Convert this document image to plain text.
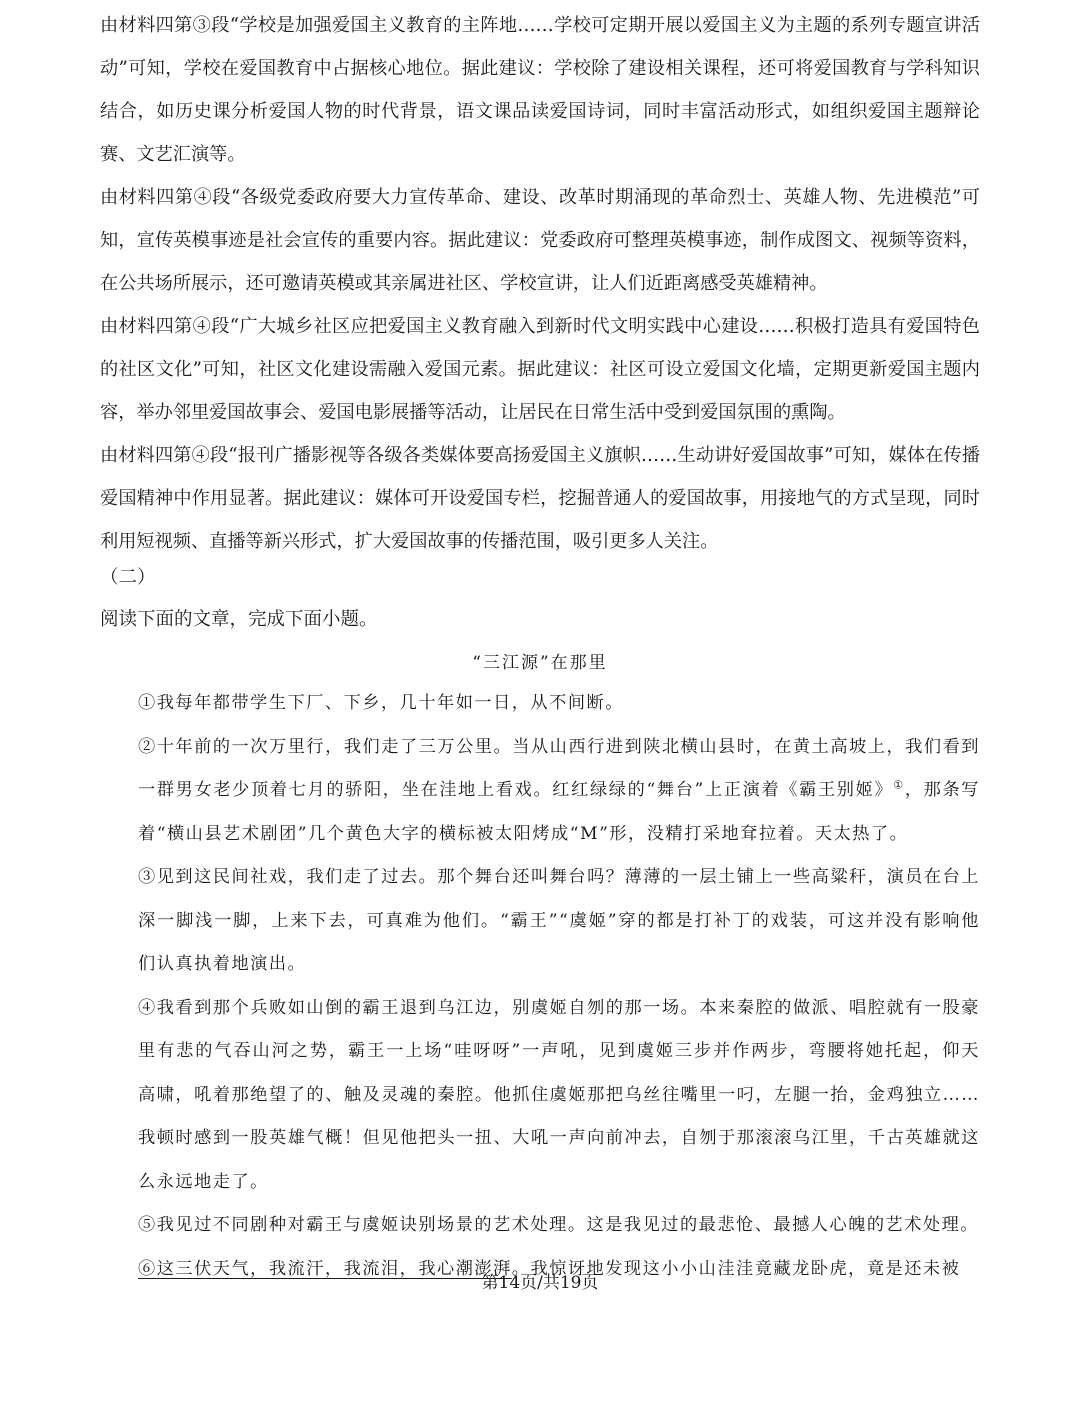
由材料四第③段“学校是加强爱国主义教育的主阵地……学校可定期开展以爱国主义为主题的系列专题宣讲活动”可知，学校在爱国教育中占据核心地位。据此建议：学校除了建设相关课程，还可将爱国教育与学科知识结合，如历史课分析爱国人物的时代背景，语文课品读爱国诗词，同时丰富活动形式，如组织爱国主题辩论赛、文艺汇演等。

由材料四第④段“各级党委政府要大力宣传革命、建设、改革时期涌现的革命烈士、英雄人物、先进模范”可知，宣传英模事迹是社会宣传的重要内容。据此建议：党委政府可整理英模事迹，制作成图文、视频等资料，在公共场所展示，还可邀请英模或其亲属进社区、学校宣讲，让人们近距离感受英雄精神。

由材料四第④段“广大城乡社区应把爱国主义教育融入到新时代文明实践中心建设……积极打造具有爱国特色的社区文化”可知，社区文化建设需融入爱国元素。据此建议：社区可设立爱国文化墙，定期更新爱国主题内容，举办邻里爱国故事会、爱国电影展播等活动，让居民在日常生活中受到爱国氛围的熏陶。

由材料四第④段“报刊广播影视等各级各类媒体要高扬爱国主义旗帜……生动讲好爱国故事”可知，媒体在传播爱国精神中作用显著。据此建议：媒体可开设爱国专栏，挖掘普通人的爱国故事，用接地气的方式呈现，同时利用短视频、直播等新兴形式，扩大爱国故事的传播范围，吸引更多人关注。

（二）

阅读下面的文章，完成下面小题。

“三江源”在那里

①我每年都带学生下厂、下乡，几十年如一日，从不间断。

②十年前的一次万里行，我们走了三万公里。当从山西行进到陕北横山县时，在黄土高坡上，我们看到一群男女老少顶着七月的骄阳，坐在洼地上看戏。红红绿绿的“舞台”上正演着《霸王别姬》①，那条写着“横山县艺术剧团”几个黄色大字的横标被太阳烤成“M”形，没精打采地耷拉着。天太热了。

③见到这民间社戏，我们走了过去。那个舞台还叫舞台吗？薄薄的一层土铺上一些高粱秆，演员在台上深一脚浅一脚，上来下去，可真难为他们。“霸王”“虞姬”穿的都是打补丁的戏装，可这并没有影响他们认真执着地演出。

④我看到那个兵败如山倒的霸王退到乌江边，别虞姬自刎的那一场。本来秦腔的做派、唱腔就有一股豪里有悲的气吞山河之势，霸王一上场“哇呀呀”一声吼，见到虞姬三步并作两步，弯腰将她托起，仰天高啸，吼着那绝望了的、触及灵魂的秦腔。他抓住虞姬那把乌丝往嘴里一叼，左腿一抬，金鸡独立……我顿时感到一股英雄气概！但见他把头一扭、大吼一声向前冲去，自刎于那滚滚乌江里，千古英雄就这么永远地走了。

⑤我见过不同剧种对霸王与虞姬诀别场景的艺术处理。这是我见过的最悲怆、最撼人心魄的艺术处理。

⑥这三伏天气，我流汗，我流泪，我心潮澎湃。我惊讶地发现这小小山洼洼竟藏龙卧虎，竟是还未被

第14页/共19页
